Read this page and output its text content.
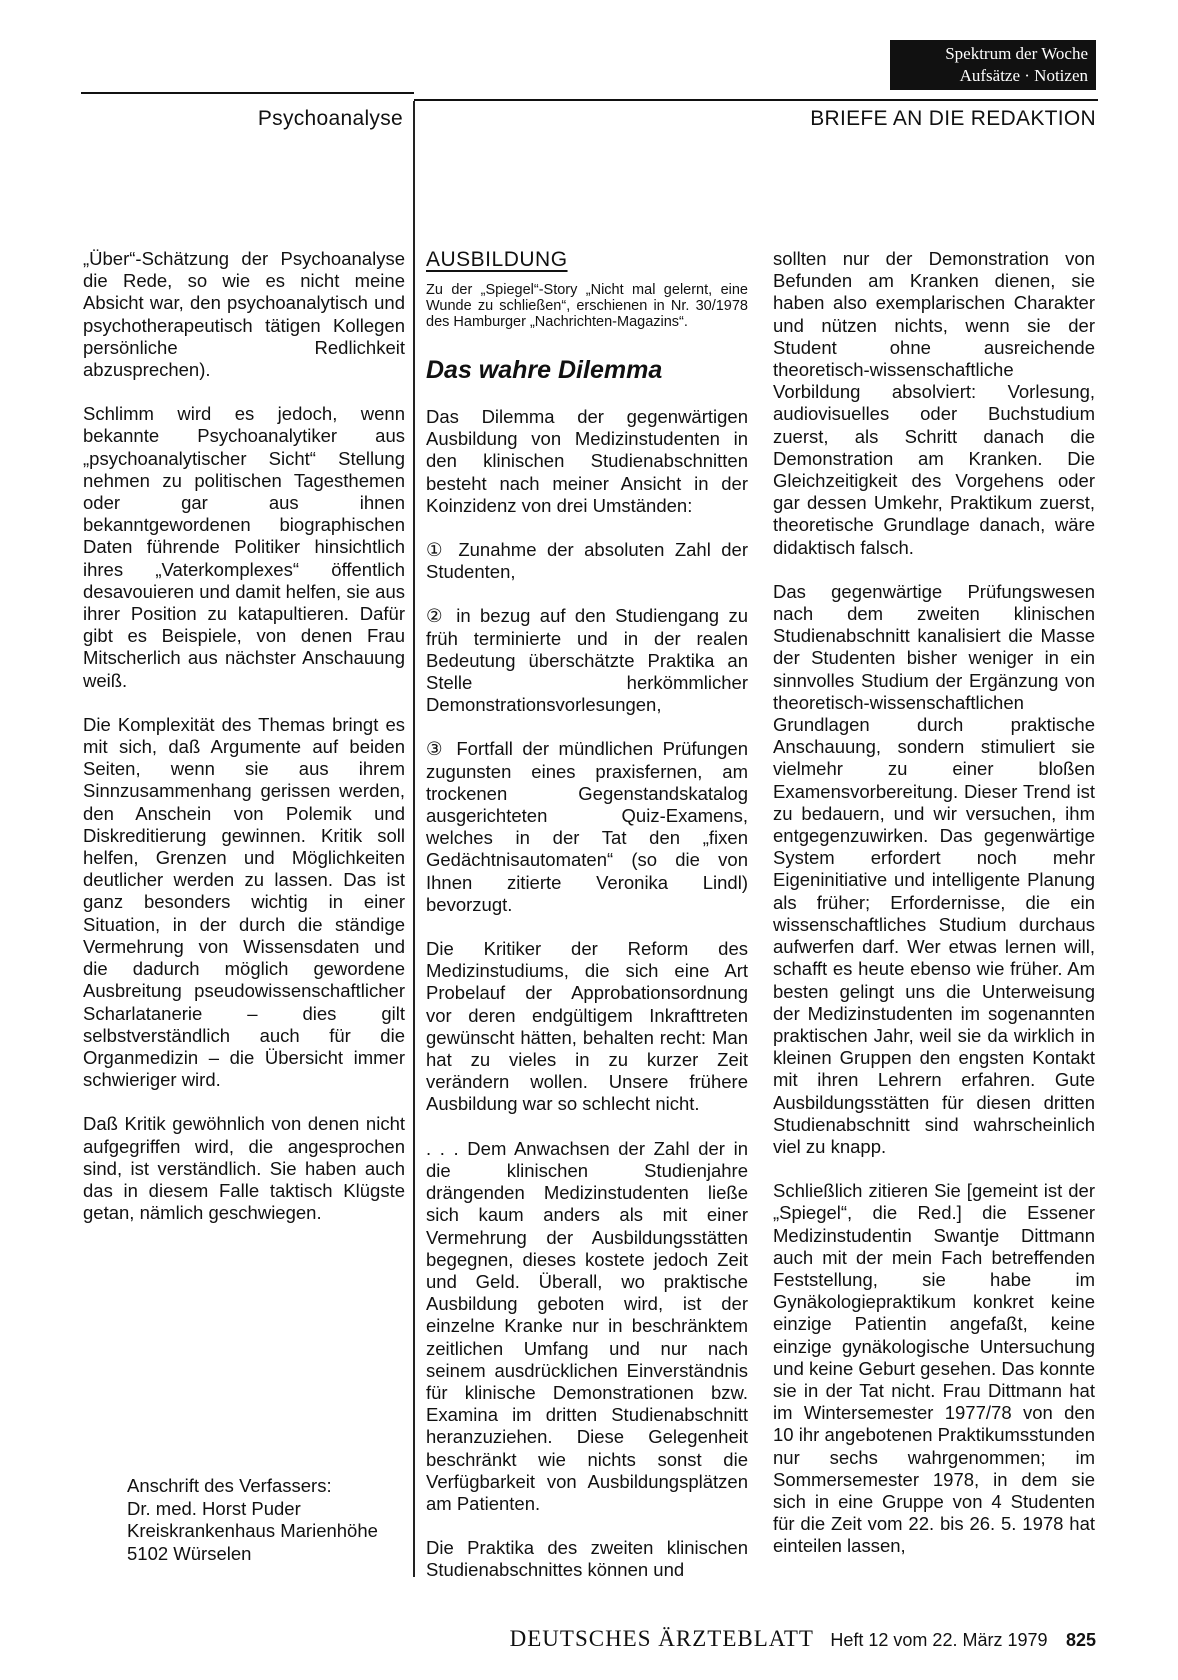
Spektrum der Woche
Aufsätze · Notizen
Psychoanalyse	BRIEFE AN DIE REDAKTION

„Über“-Schätzung der Psychoanalyse die Rede, so wie es nicht meine Absicht war, den psychoanalytisch und psychotherapeutisch tätigen Kollegen persönliche Redlichkeit abzusprechen).

Schlimm wird es jedoch, wenn bekannte Psychoanalytiker aus „psychoanalytischer Sicht“ Stellung nehmen zu politischen Tagesthemen oder gar aus ihnen bekanntgewordenen biographischen Daten führende Politiker hinsichtlich ihres „Vaterkomplexes“ öffentlich desavouieren und damit helfen, sie aus ihrer Position zu katapultieren. Dafür gibt es Beispiele, von denen Frau Mitscherlich aus nächster Anschauung weiß.

Die Komplexität des Themas bringt es mit sich, daß Argumente auf beiden Seiten, wenn sie aus ihrem Sinnzusammenhang gerissen werden, den Anschein von Polemik und Diskreditierung gewinnen. Kritik soll helfen, Grenzen und Möglichkeiten deutlicher werden zu lassen. Das ist ganz besonders wichtig in einer Situation, in der durch die ständige Vermehrung von Wissensdaten und die dadurch möglich gewordene Ausbreitung pseudowissenschaftlicher Scharlatanerie – dies gilt selbstverständlich auch für die Organmedizin – die Übersicht immer schwieriger wird.

Daß Kritik gewöhnlich von denen nicht aufgegriffen wird, die angesprochen sind, ist verständlich. Sie haben auch das in diesem Falle taktisch Klügste getan, nämlich geschwiegen.

Anschrift des Verfassers:
Dr. med. Horst Puder
Kreiskrankenhaus Marienhöhe
5102 Würselen
AUSBILDUNG
Zu der „Spiegel“-Story „Nicht mal gelernt, eine Wunde zu schließen“, erschienen in Nr. 30/1978 des Hamburger „Nachrichten-Magazins“.
Das wahre Dilemma

Das Dilemma der gegenwärtigen Ausbildung von Medizinstudenten in den klinischen Studienabschnitten besteht nach meiner Ansicht in der Koinzidenz von drei Umständen:

① Zunahme der absoluten Zahl der Studenten,

② in bezug auf den Studiengang zu früh terminierte und in der realen Bedeutung überschätzte Praktika an Stelle herkömmlicher Demonstrationsvorlesungen,

③ Fortfall der mündlichen Prüfungen zugunsten eines praxisfernen, am trockenen Gegenstandskatalog ausgerichteten Quiz-Examens, welches in der Tat den „fixen Gedächtnisautomaten“ (so die von Ihnen zitierte Veronika Lindl) bevorzugt.

Die Kritiker der Reform des Medizinstudiums, die sich eine Art Probelauf der Approbationsordnung vor deren endgültigem Inkrafttreten gewünscht hätten, behalten recht: Man hat zu vieles in zu kurzer Zeit verändern wollen. Unsere frühere Ausbildung war so schlecht nicht.

. . . Dem Anwachsen der Zahl der in die klinischen Studienjahre drängenden Medizinstudenten ließe sich kaum anders als mit einer Vermehrung der Ausbildungsstätten begegnen, dieses kostete jedoch Zeit und Geld. Überall, wo praktische Ausbildung geboten wird, ist der einzelne Kranke nur in beschränktem zeitlichen Umfang und nur nach seinem ausdrücklichen Einverständnis für klinische Demonstrationen bzw. Examina im dritten Studienabschnitt heranzuziehen. Diese Gelegenheit beschränkt wie nichts sonst die Verfügbarkeit von Ausbildungsplätzen am Patienten.

Die Praktika des zweiten klinischen Studienabschnittes können und

sollten nur der Demonstration von Befunden am Kranken dienen, sie haben also exemplarischen Charakter und nützen nichts, wenn sie der Student ohne ausreichende theoretisch-wissenschaftliche Vorbildung absolviert: Vorlesung, audiovisuelles oder Buchstudium zuerst, als Schritt danach die Demonstration am Kranken. Die Gleichzeitigkeit des Vorgehens oder gar dessen Umkehr, Praktikum zuerst, theoretische Grundlage danach, wäre didaktisch falsch.

Das gegenwärtige Prüfungswesen nach dem zweiten klinischen Studienabschnitt kanalisiert die Masse der Studenten bisher weniger in ein sinnvolles Studium der Ergänzung von theoretisch-wissenschaftlichen Grundlagen durch praktische Anschauung, sondern stimuliert sie vielmehr zu einer bloßen Examensvorbereitung. Dieser Trend ist zu bedauern, und wir versuchen, ihm entgegenzuwirken. Das gegenwärtige System erfordert noch mehr Eigeninitiative und intelligente Planung als früher; Erfordernisse, die ein wissenschaftliches Studium durchaus aufwerfen darf. Wer etwas lernen will, schafft es heute ebenso wie früher. Am besten gelingt uns die Unterweisung der Medizinstudenten im sogenannten praktischen Jahr, weil sie da wirklich in kleinen Gruppen den engsten Kontakt mit ihren Lehrern erfahren. Gute Ausbildungsstätten für diesen dritten Studienabschnitt sind wahrscheinlich viel zu knapp.

Schließlich zitieren Sie [gemeint ist der „Spiegel“, die Red.] die Essener Medizinstudentin Swantje Dittmann auch mit der mein Fach betreffenden Feststellung, sie habe im Gynäkologiepraktikum konkret keine einzige Patientin angefaßt, keine einzige gynäkologische Untersuchung und keine Geburt gesehen. Das konnte sie in der Tat nicht. Frau Dittmann hat im Wintersemester 1977/78 von den 10 ihr angebotenen Praktikumsstunden nur sechs wahrgenommen; im Sommersemester 1978, in dem sie sich in eine Gruppe von 4 Studenten für die Zeit vom 22. bis 26. 5. 1978 hat einteilen lassen,

DEUTSCHES ÄRZTEBLATT Heft 12 vom 22. März 1979 825
